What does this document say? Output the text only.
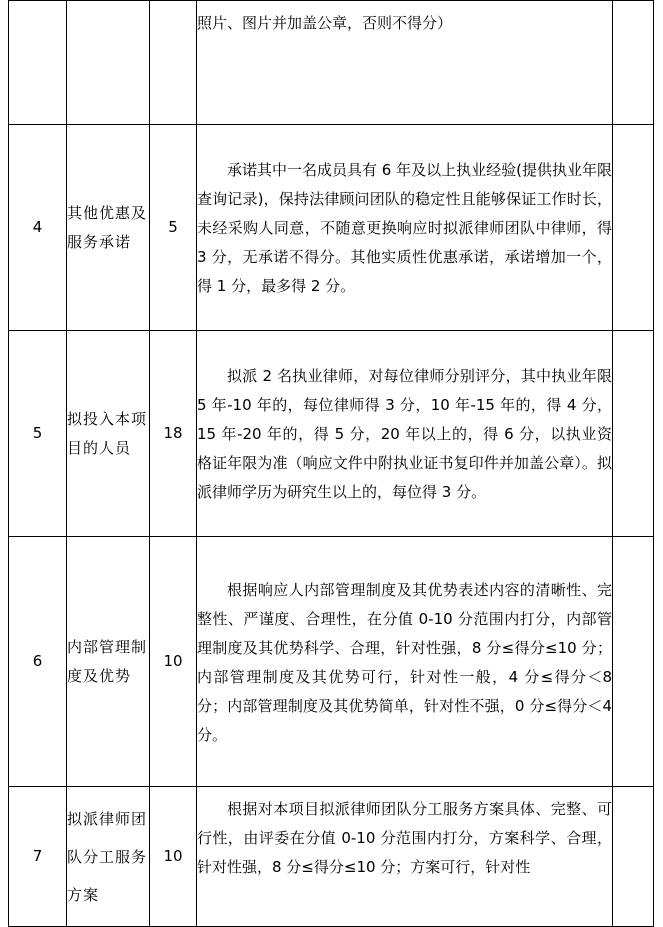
			照片、图片并加盖公章，否则不得分）	

4	其他优惠及服务承诺	5	承诺其中一名成员具有 6 年及以上执业经验(提供执业年限查询记录)，保持法律顾问团队的稳定性且能够保证工作时长，未经采购人同意，不随意更换响应时拟派律师团队中律师，得 3 分，无承诺不得分。其他实质性优惠承诺，承诺增加一个，得 1 分，最多得 2 分。	

5	拟投入本项目的人员	18	拟派 2 名执业律师，对每位律师分别评分，其中执业年限 5 年-10 年的，每位律师得 3 分，10 年-15 年的，得 4 分，15 年-20 年的，得 5 分，20 年以上的，得 6 分，以执业资格证年限为准（响应文件中附执业证书复印件并加盖公章）。拟派律师学历为研究生以上的，每位得 3 分。	

6	内部管理制度及优势	10	根据响应人内部管理制度及其优势表述内容的清晰性、完整性、严谨度、合理性，在分值 0-10 分范围内打分，内部管理制度及其优势科学、合理，针对性强，8 分≤得分≤10 分；内部管理制度及其优势可行，针对性一般，4 分≤得分＜8 分；内部管理制度及其优势简单，针对性不强，0 分≤得分＜4 分。	

7	拟派律师团队分工服务方案	10	根据对本项目拟派律师团队分工服务方案具体、完整、可行性，由评委在分值 0-10 分范围内打分，方案科学、合理，针对性强，8 分≤得分≤10 分；方案可行，针对性	
